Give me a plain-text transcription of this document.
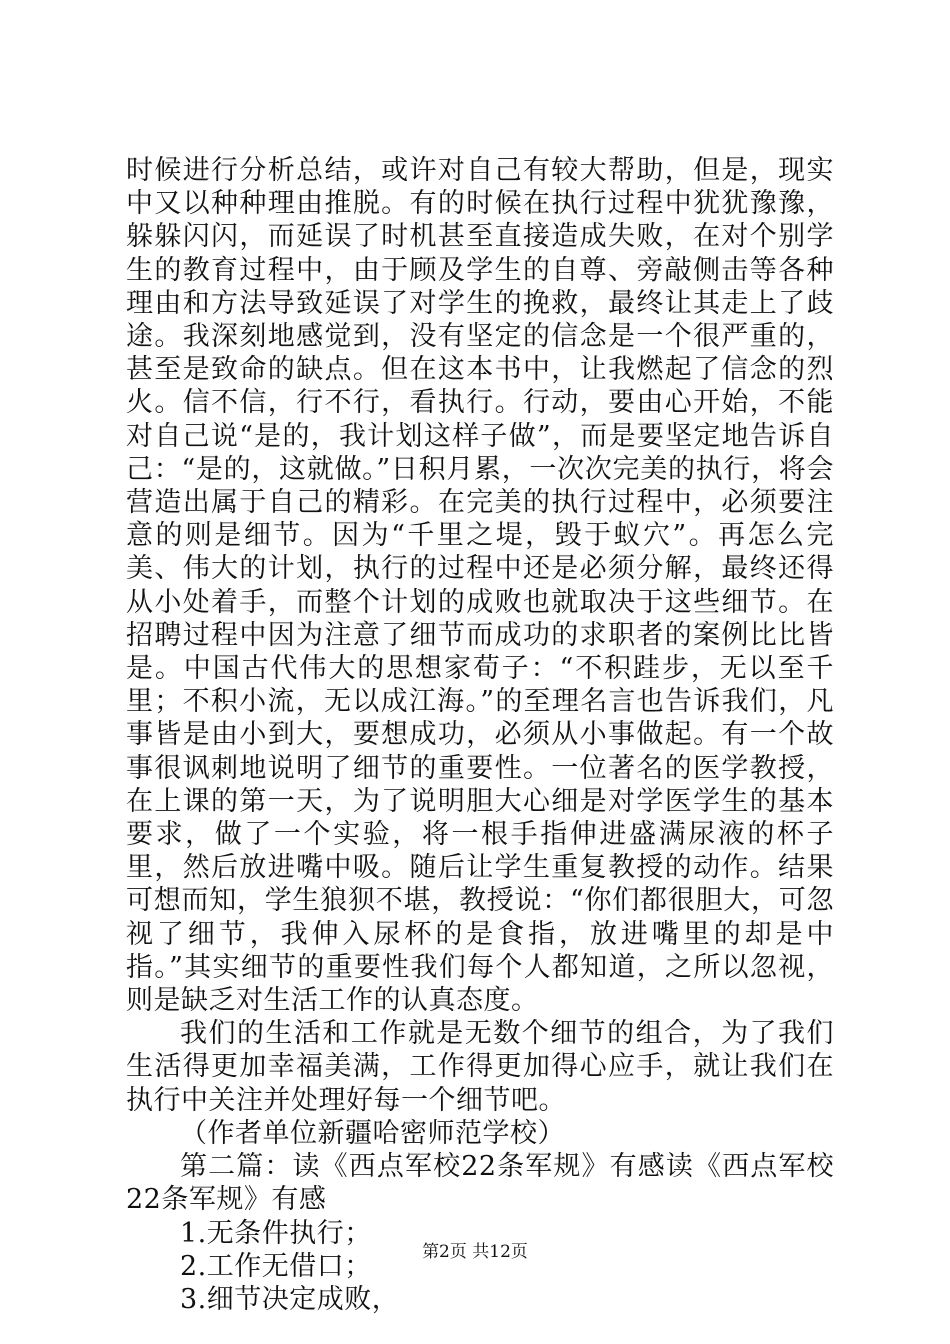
时候进行分析总结，或许对自己有较大帮助，但是，现实中又以种种理由推脱。有的时候在执行过程中犹犹豫豫，躲躲闪闪，而延误了时机甚至直接造成失败，在对个别学生的教育过程中，由于顾及学生的自尊、旁敲侧击等各种理由和方法导致延误了对学生的挽救，最终让其走上了歧途。我深刻地感觉到，没有坚定的信念是一个很严重的，甚至是致命的缺点。但在这本书中，让我燃起了信念的烈火。信不信，行不行，看执行。行动，要由心开始，不能对自己说“是的，我计划这样子做”，而是要坚定地告诉自己：“是的，这就做。”日积月累，一次次完美的执行，将会营造出属于自己的精彩。在完美的执行过程中，必须要注意的则是细节。因为“千里之堤，毁于蚁穴”。再怎么完美、伟大的计划，执行的过程中还是必须分解，最终还得从小处着手，而整个计划的成败也就取决于这些细节。在招聘过程中因为注意了细节而成功的求职者的案例比比皆是。中国古代伟大的思想家荀子：“不积跬步，无以至千里；不积小流，无以成江海。”的至理名言也告诉我们，凡事皆是由小到大，要想成功，必须从小事做起。有一个故事很讽刺地说明了细节的重要性。一位著名的医学教授，在上课的第一天，为了说明胆大心细是对学医学生的基本要求，做了一个实验，将一根手指伸进盛满尿液的杯子里，然后放进嘴中吸。随后让学生重复教授的动作。结果可想而知，学生狼狈不堪，教授说：“你们都很胆大，可忽视了细节，我伸入尿杯的是食指，放进嘴里的却是中指。”其实细节的重要性我们每个人都知道，之所以忽视，则是缺乏对生活工作的认真态度。

我们的生活和工作就是无数个细节的组合，为了我们生活得更加幸福美满，工作得更加得心应手，就让我们在执行中关注并处理好每一个细节吧。

（作者单位新疆哈密师范学校）

第二篇：读《西点军校22条军规》有感读《西点军校22条军规》有感

1.无条件执行；

2.工作无借口；

3.细节决定成败，

第2页 共12页
